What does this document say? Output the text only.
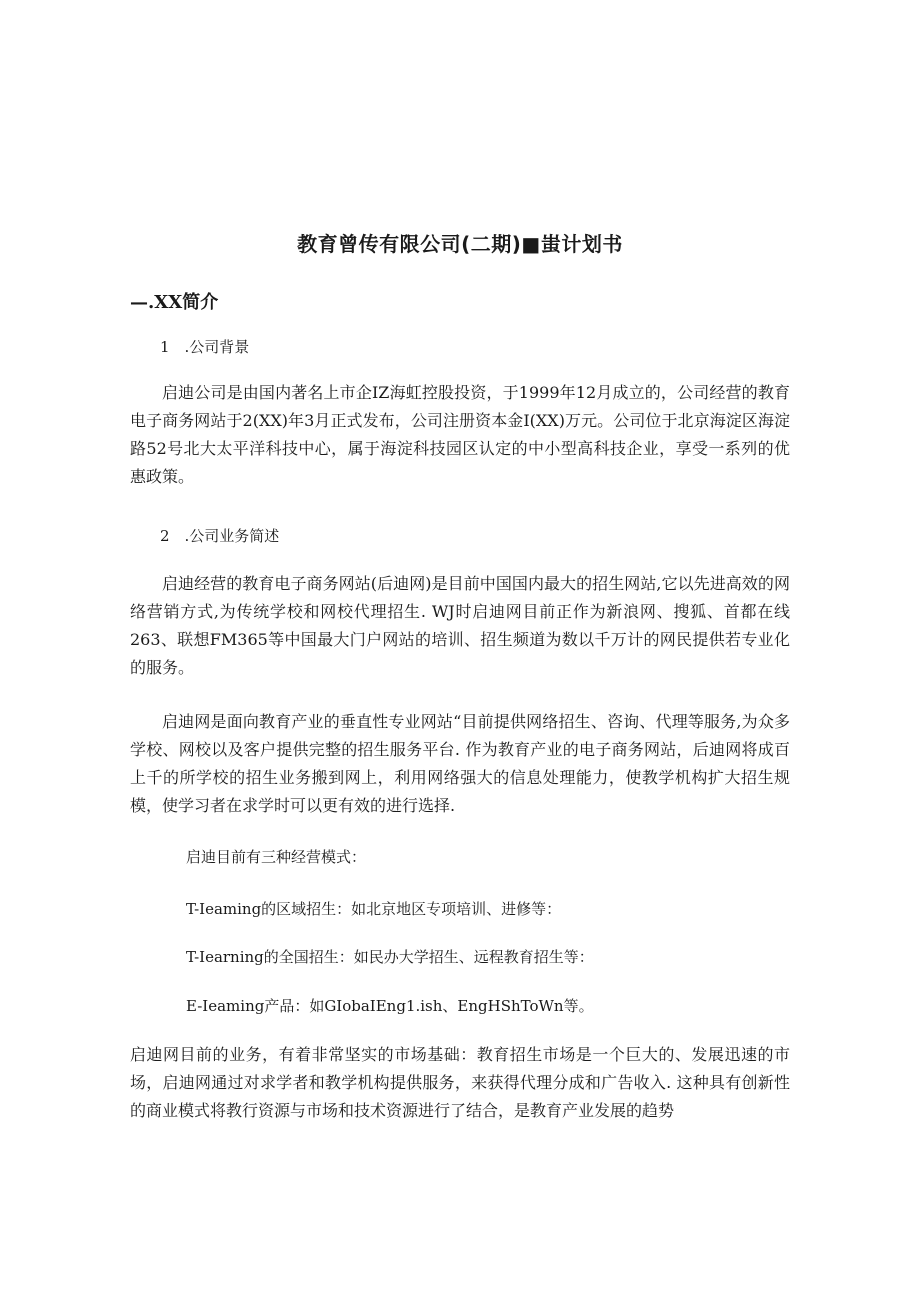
教育曾传有限公司(二期)■蚩计划书
—.XX简介
1　.公司背景

启迪公司是由国内著名上市企IZ海虹控股投资，于1999年12月成立的，公司经营的教育电子商务网站于2(XX)年3月正式发布，公司注册资本金I(XX)万元。公司位于北京海淀区海淀路52号北大太平洋科技中心，属于海淀科技园区认定的中小型高科技企业，享受一系列的优惠政策。

2　.公司业务简述

启迪经营的教育电子商务网站(后迪网)是目前中国国内最大的招生网站,它以先进高效的网络营销方式,为传统学校和网校代理招生. WJ时启迪网目前正作为新浪网、搜狐、首都在线263、联想FM365等中国最大门户网站的培训、招生频道为数以千万计的网民提供若专业化的服务。

启迪网是面向教育产业的垂直性专业网站“目前提供网络招生、咨询、代理等服务,为众多学校、网校以及客户提供完整的招生服务平台. 作为教育产业的电子商务网站，后迪网将成百上千的所学校的招生业务搬到网上，利用网络强大的信息处理能力，使教学机构扩大招生规模，使学习者在求学时可以更有效的进行选择.

启迪目前有三种经营模式：
T-Ieaming的区域招生：如北京地区专项培训、进修等：
T-Iearning的全国招生：如民办大学招生、远程教育招生等：
E-Ieaming产品：如GIobaIEng1.ish、EngHShToWn等。

启迪网目前的业务，有着非常坚实的市场基础：教育招生市场是一个巨大的、发展迅速的市场，启迪网通过对求学者和教学机构提供服务，来获得代理分成和广告收入. 这种具有创新性的商业模式将教行资源与市场和技术资源进行了结合，是教育产业发展的趋势
